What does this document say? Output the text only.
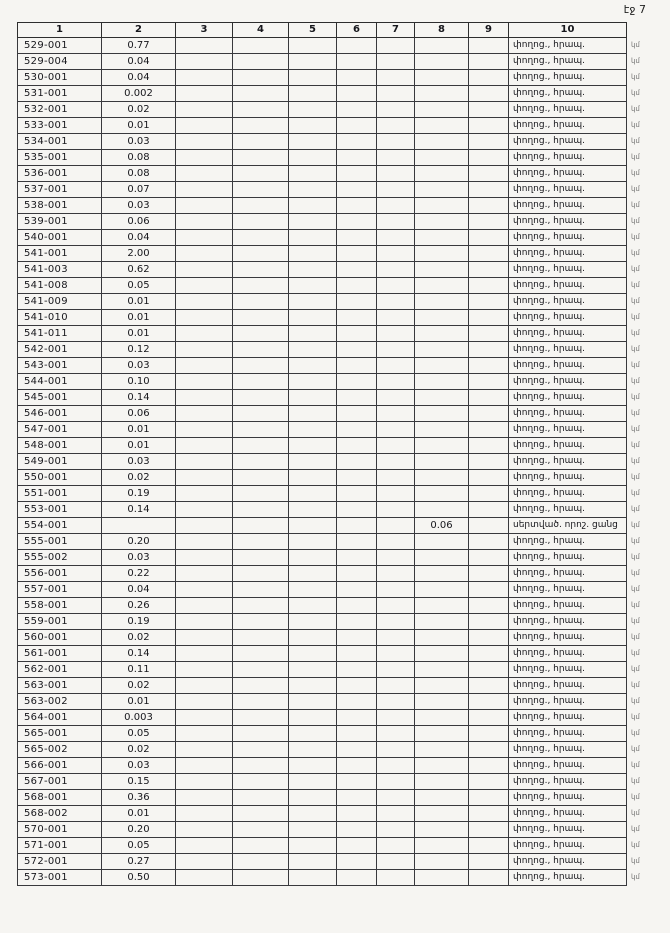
էջ 7
1	2	3	4	5	6	7	8	9	10	
529-001	0.77								փողոց., հրապ.	կմ
529-004	0.04								փողոց., հրապ.	կմ
530-001	0.04								փողոց., հրապ.	կմ
531-001	0.002								փողոց., հրապ.	կմ
532-001	0.02								փողոց., հրապ.	կմ
533-001	0.01								փողոց., հրապ.	կմ
534-001	0.03								փողոց., հրապ.	կմ
535-001	0.08								փողոց., հրապ.	կմ
536-001	0.08								փողոց., հրապ.	կմ
537-001	0.07								փողոց., հրապ.	կմ
538-001	0.03								փողոց., հրապ.	կմ
539-001	0.06								փողոց., հրապ.	կմ
540-001	0.04								փողոց., հրապ.	կմ
541-001	2.00								փողոց., հրապ.	կմ
541-003	0.62								փողոց., հրապ.	կմ
541-008	0.05								փողոց., հրապ.	կմ
541-009	0.01								փողոց., հրապ.	կմ
541-010	0.01								փողոց., հրապ.	կմ
541-011	0.01								փողոց., հրապ.	կմ
542-001	0.12								փողոց., հրապ.	կմ
543-001	0.03								փողոց., հրապ.	կմ
544-001	0.10								փողոց., հրապ.	կմ
545-001	0.14								փողոց., հրապ.	կմ
546-001	0.06								փողոց., հրապ.	կմ
547-001	0.01								փողոց., հրապ.	կմ
548-001	0.01								փողոց., հրապ.	կմ
549-001	0.03								փողոց., հրապ.	կմ
550-001	0.02								փողոց., հրապ.	կմ
551-001	0.19								փողոց., հրապ.	կմ
553-001	0.14								փողոց., հրապ.	կմ
554-001							0.06		սերտված. որոշ. ցանց	կմ
555-001	0.20								փողոց., հրապ.	կմ
555-002	0.03								փողոց., հրապ.	կմ
556-001	0.22								փողոց., հրապ.	կմ
557-001	0.04								փողոց., հրապ.	կմ
558-001	0.26								փողոց., հրապ.	կմ
559-001	0.19								փողոց., հրապ.	կմ
560-001	0.02								փողոց., հրապ.	կմ
561-001	0.14								փողոց., հրապ.	կմ
562-001	0.11								փողոց., հրապ.	կմ
563-001	0.02								փողոց., հրապ.	կմ
563-002	0.01								փողոց., հրապ.	կմ
564-001	0.003								փողոց., հրապ.	կմ
565-001	0.05								փողոց., հրապ.	կմ
565-002	0.02								փողոց., հրապ.	կմ
566-001	0.03								փողոց., հրապ.	կմ
567-001	0.15								փողոց., հրապ.	կմ
568-001	0.36								փողոց., հրապ.	կմ
568-002	0.01								փողոց., հրապ.	կմ
570-001	0.20								փողոց., հրապ.	կմ
571-001	0.05								փողոց., հրապ.	կմ
572-001	0.27								փողոց., հրապ.	կմ
573-001	0.50								փողոց., հրապ.	կմ
